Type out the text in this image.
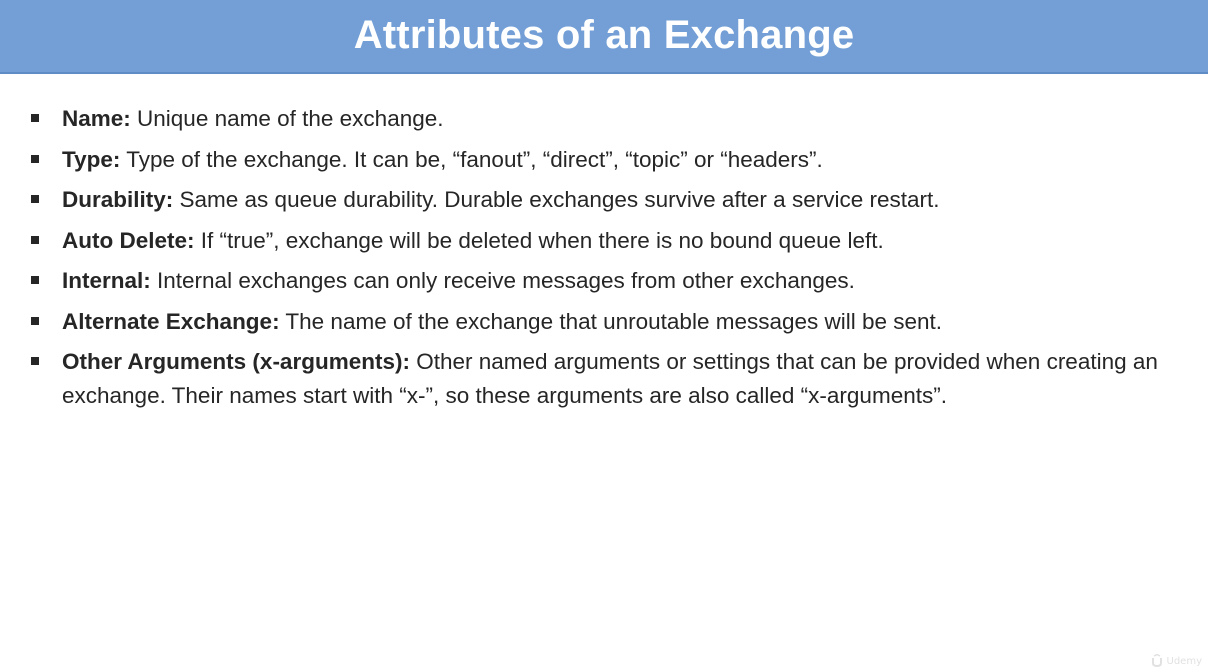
Attributes of an Exchange
Name: Unique name of the exchange.
Type: Type of the exchange. It can be, “fanout”, “direct”, “topic” or “headers”.
Durability: Same as queue durability. Durable exchanges survive after a service restart.
Auto Delete: If “true”, exchange will be deleted when there is no bound queue left.
Internal: Internal exchanges can only receive messages from other exchanges.
Alternate Exchange: The name of the exchange that unroutable messages will be sent.
Other Arguments (x-arguments): Other named arguments or settings that can be provided when creating an exchange. Their names start with “x-”, so these arguments are also called “x-arguments”.
Udemy
